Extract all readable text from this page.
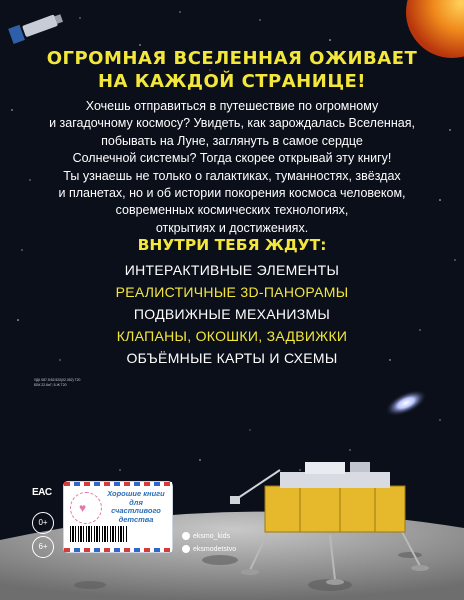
ОГРОМНАЯ ВСЕЛЕННАЯ ОЖИВАЕТ
НА КАЖДОЙ СТРАНИЦЕ!
Хочешь отправиться в путешествие по огромному
и загадочному космосу? Увидеть, как зарождалась Вселенная,
побывать на Луне, заглянуть в самое сердце
Солнечной системы? Тогда скорее открывай эту книгу!
Ты узнаешь не только о галактиках, туманностях, звёздах
и планетах, но и об истории покорения космоса человеком,
современных космических технологиях,
открытиях и достижениях.
ВНУТРИ ТЕБЯ ЖДУТ:
ИНТЕРАКТИВНЫЕ ЭЛЕМЕНТЫ
РЕАЛИСТИЧНЫЕ 3D-ПАНОРАМЫ
ПОДВИЖНЫЕ МЕХАНИЗМЫ
КЛАПАНЫ, ОКОШКИ, ЗАДВИЖКИ
ОБЪЁМНЫЕ КАРТЫ И СХЕМЫ
УДК 087.5:52:520(02.052) Т20
ББК 22.6я7; 5-Ж Т20
EAC
0+
6+
♥
Хорошие книги для счастливого детства
eksmo_kids
eksmodetstvo
